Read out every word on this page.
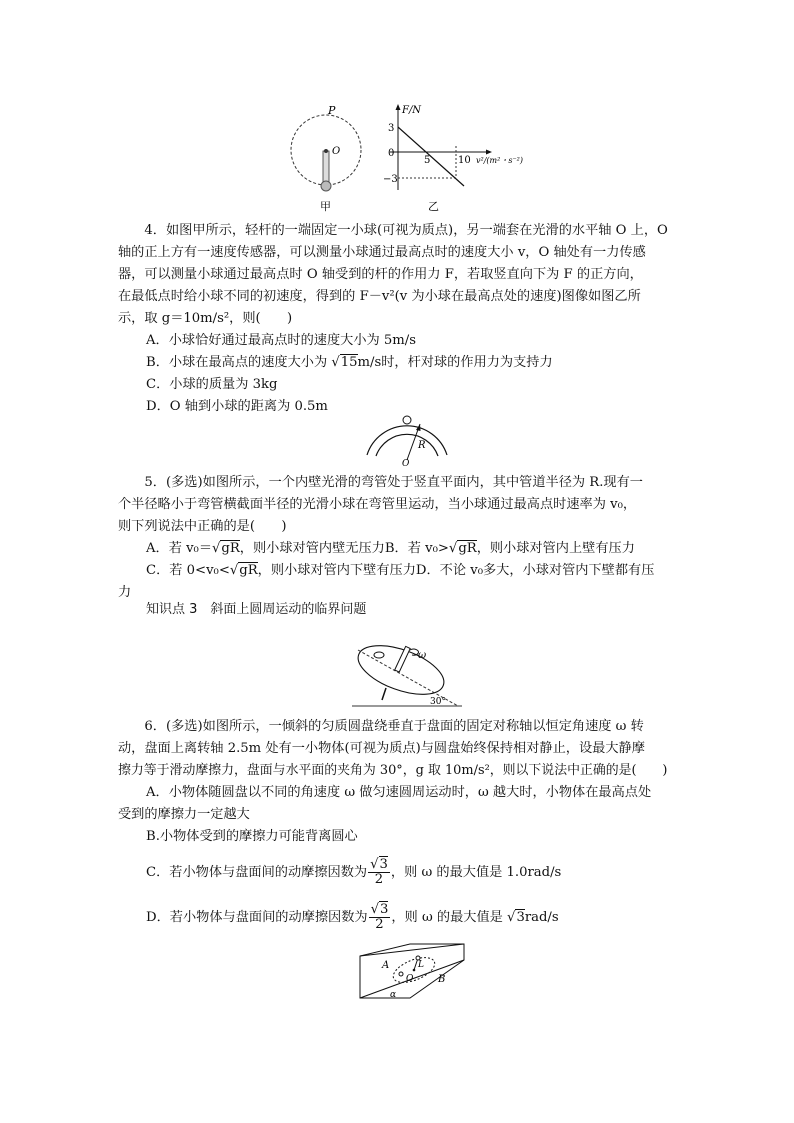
P
O
甲
F/N
3
0
−3
5	10 v²/(m²・s⁻²)
乙

4．如图甲所示，轻杆的一端固定一小球(可视为质点)，另一端套在光滑的水平轴 O 上，O

轴的正上方有一速度传感器，可以测量小球通过最高点时的速度大小 v，O 轴处有一力传感

器，可以测量小球通过最高点时 O 轴受到的杆的作用力 F，若取竖直向下为 F 的正方向，

在最低点时给小球不同的初速度，得到的 F－v²(v 为小球在最高点处的速度)图像如图乙所

示，取 g＝10m/s²，则(　　)

A．小球恰好通过最高点时的速度大小为 5m/s

B．小球在最高点的速度大小为 √15m/s时，杆对球的作用力为支持力

C．小球的质量为 3kg

D．O 轴到小球的距离为 0.5m

R
O

5．(多选)如图所示，一个内壁光滑的弯管处于竖直平面内，其中管道半径为 R.现有一

个半径略小于弯管横截面半径的光滑小球在弯管里运动，当小球通过最高点时速率为 v₀，

则下列说法中正确的是(　　)

A．若 v₀＝√gR，则小球对管内壁无压力B．若 v₀>√gR，则小球对管内上壁有压力

C．若 0<v₀<√gR，则小球对管内下壁有压力D．不论 v₀多大，小球对管内下壁都有压

力

知识点 3　斜面上圆周运动的临界问题
ω
30°

6．(多选)如图所示，一倾斜的匀质圆盘绕垂直于盘面的固定对称轴以恒定角速度 ω 转

动，盘面上离转轴 2.5m 处有一小物体(可视为质点)与圆盘始终保持相对静止，设最大静摩

擦力等于滑动摩擦力，盘面与水平面的夹角为 30°，g 取 10m/s²，则以下说法中正确的是(　　)

A．小物体随圆盘以不同的角速度 ω 做匀速圆周运动时，ω 越大时，小物体在最高点处

受到的摩擦力一定越大

B.小物体受到的摩擦力可能背离圆心

C．若小物体与盘面间的动摩擦因数为 $\frac{√3}{2}$ ，则 ω 的最大值是 1.0rad/s

D．若小物体与盘面间的动摩擦因数为 $\frac{√3}{2}$ ，则 ω 的最大值是 √3rad/s

A	L
O B
α
